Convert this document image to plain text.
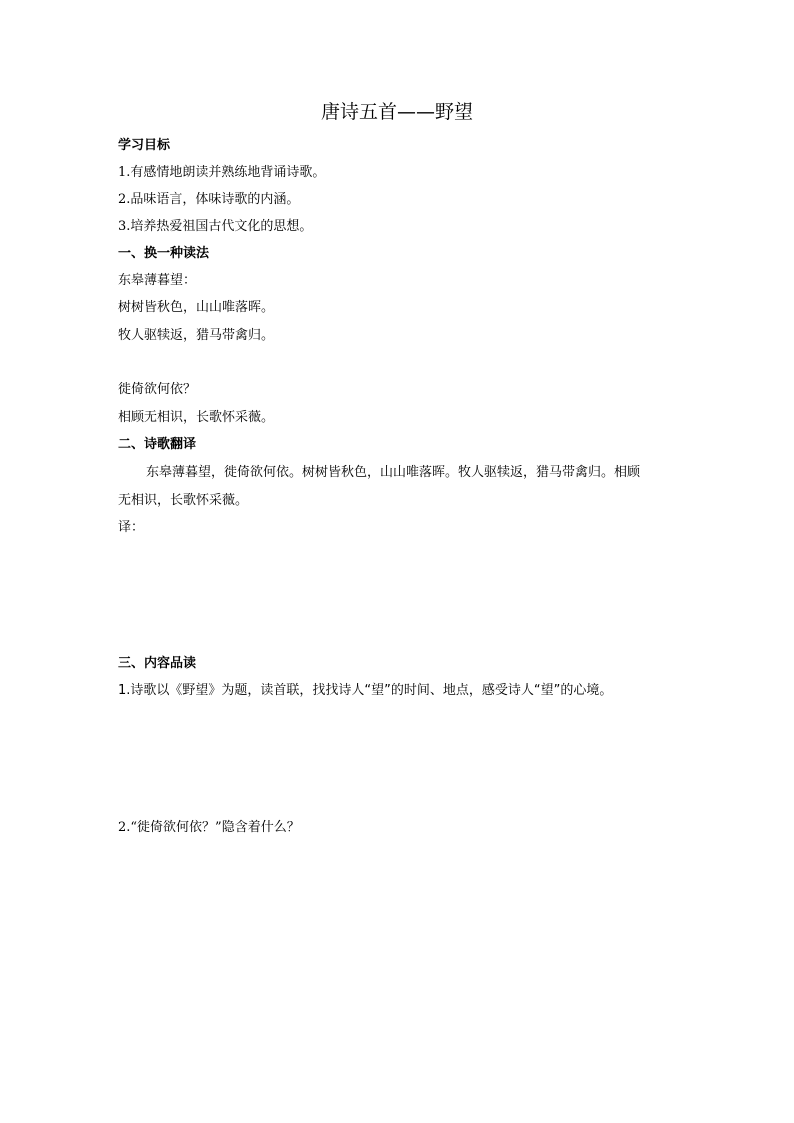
唐诗五首——野望
学习目标
1.有感情地朗读并熟练地背诵诗歌。
2.品味语言，体味诗歌的内涵。
3.培养热爱祖国古代文化的思想。
一、换一种读法
东皋薄暮望：
树树皆秋色，山山唯落晖。
牧人驱犊返，猎马带禽归。
徙倚欲何依？
相顾无相识，长歌怀采薇。
二、诗歌翻译
东皋薄暮望，徙倚欲何依。树树皆秋色，山山唯落晖。牧人驱犊返，猎马带禽归。相顾
无相识，长歌怀采薇。
译：
三、内容品读
1.诗歌以《野望》为题，读首联，找找诗人“望”的时间、地点，感受诗人“望”的心境。
2.“徙倚欲何依？”隐含着什么？
